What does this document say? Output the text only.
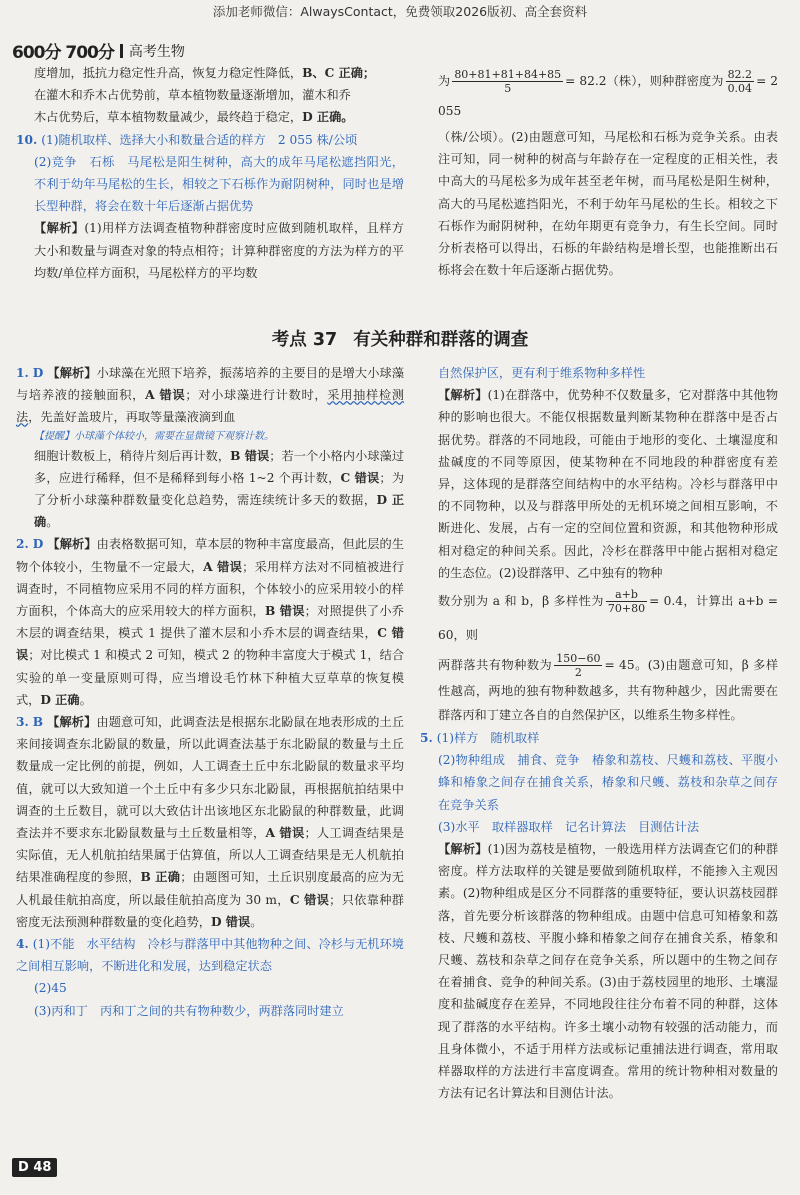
添加老师微信：AlwaysContact，免费领取2026版初、高全套资料
600分 700分 高考生物

度增加，抵抗力稳定性升高，恢复力稳定性降低，B、C 正确；

在灌木和乔木占优势前，草本植物数量逐渐增加，灌木和乔

木占优势后，草本植物数量减少，最终趋于稳定，D 正确。

10. (1)随机取样、选择大小和数量合适的样方　2 055 株/公顷

(2)竞争　石栎　马尾松是阳生树种，高大的成年马尾松遮挡阳光，不利于幼年马尾松的生长，相较之下石栎作为耐阴树种，同时也是增长型种群，将会在数十年后逐渐占据优势

【解析】(1)用样方法调查植物种群密度时应做到随机取样，且样方大小和数量与调查对象的特点相符；计算种群密度的方法为样方的平均数/单位样方面积，马尾松样方的平均数

为 $\frac{80+81+81+84+85}{5} = 82.2$（株），则种群密度为 $\frac{82.2}{0.04} = 2$ 055

（株/公顷）。(2)由题意可知，马尾松和石栎为竞争关系。由表注可知，同一树种的树高与年龄存在一定程度的正相关性，表中高大的马尾松多为成年甚至老年树，而马尾松是阳生树种，高大的马尾松遮挡阳光，不利于幼年马尾松的生长。相较之下石栎作为耐阴树种，在幼年期更有竞争力，有生长空间。同时分析表格可以得出，石栎的年龄结构是增长型，也能推断出石栎将会在数十年后逐渐占据优势。

考点 37 有关种群和群落的调查

1. D 【解析】小球藻在光照下培养，振荡培养的主要目的是增大小球藻与培养液的接触面积，A 错误；对小球藻进行计数时，采用抽样检测法，先盖好盖玻片，再取等量藻液滴到血

【提醒】小球藻个体较小，需要在显微镜下观察计数。

细胞计数板上，稍待片刻后再计数，B 错误；若一个小格内小球藻过多，应进行稀释，但不是稀释到每小格 1~2 个再计数，C 错误；为了分析小球藻种群数量变化总趋势，需连续统计多天的数据，D 正确。

2. D 【解析】由表格数据可知，草本层的物种丰富度最高，但此层的生物个体较小，生物量不一定最大，A 错误；采用样方法对不同植被进行调查时，不同植物应采用不同的样方面积，个体较小的应采用较小的样方面积，个体高大的应采用较大的样方面积，B 错误；对照提供了小乔木层的调查结果，模式 1 提供了灌木层和小乔木层的调查结果，C 错误；对比模式 1 和模式 2 可知，模式 2 的物种丰富度大于模式 1，结合实验的单一变量原则可得，应当增设毛竹林下种植大豆草草的恢复模式，D 正确。

3. B 【解析】由题意可知，此调查法是根据东北鼢鼠在地表形成的土丘来间接调查东北鼢鼠的数量，所以此调查法基于东北鼢鼠的数量与土丘数量成一定比例的前提，例如，人工调查土丘中东北鼢鼠的数量求平均值，就可以大致知道一个土丘中有多少只东北鼢鼠，再根据航拍结果中调查的土丘数目，就可以大致估计出该地区东北鼢鼠的种群数量，此调查法并不要求东北鼢鼠数量与土丘数量相等，A 错误；人工调查结果是实际值，无人机航拍结果属于估算值，所以人工调查结果是无人机航拍结果准确程度的参照，B 正确；由题图可知，土丘识别度最高的应为无人机最佳航拍高度，所以最佳航拍高度为 30 m，C 错误；只依靠种群密度无法预测种群数量的变化趋势，D 错误。

4. (1)不能　水平结构　冷杉与群落甲中其他物种之间、冷杉与无机环境之间相互影响，不断进化和发展，达到稳定状态

(2)45

(3)丙和丁　丙和丁之间的共有物种数少，两群落同时建立

自然保护区，更有利于维系物种多样性

【解析】(1)在群落中，优势种不仅数量多，它对群落中其他物种的影响也很大。不能仅根据数量判断某物种在群落中是否占据优势。群落的不同地段，可能由于地形的变化、土壤湿度和盐碱度的不同等原因，使某物种在不同地段的种群密度有差异，这体现的是群落空间结构中的水平结构。冷杉与群落甲中的不同物种，以及与群落甲所处的无机环境之间相互影响，不断进化、发展，占有一定的空间位置和资源，和其他物种形成相对稳定的种间关系。因此，冷杉在群落甲中能占据相对稳定的生态位。(2)设群落甲、乙中独有的物种

数分别为 a 和 b，β 多样性为 $\frac{a+b}{70+80} = 0.4$，计算出 a+b = 60，则

两群落共有物种数为 $\frac{150-60}{2} = 45$。(3)由题意可知，β 多样性越高，两地的独有物种数越多，共有物种越少，因此需要在群落丙和丁建立各自的自然保护区，以维系生物多样性。

5. (1)样方　随机取样

(2)物种组成　捕食、竞争　椿象和荔枝、尺蠖和荔枝、平腹小蜂和椿象之间存在捕食关系，椿象和尺蠖、荔枝和杂草之间存在竞争关系

(3)水平　取样器取样　记名计算法　目测估计法

【解析】(1)因为荔枝是植物，一般选用样方法调查它们的种群密度。样方法取样的关键是要做到随机取样，不能掺入主观因素。(2)物种组成是区分不同群落的重要特征，要认识荔枝园群落，首先要分析该群落的物种组成。由题中信息可知椿象和荔枝、尺蠖和荔枝、平腹小蜂和椿象之间存在捕食关系，椿象和尺蠖、荔枝和杂草之间存在竞争关系，所以题中的生物之间存在着捕食、竞争的种间关系。(3)由于荔枝园里的地形、土壤湿度和盐碱度存在差异，不同地段往往分布着不同的种群，这体现了群落的水平结构。许多土壤小动物有较强的活动能力，而且身体微小，不适于用样方法或标记重捕法进行调查，常用取样器取样的方法进行丰富度调查。常用的统计物种相对数量的方法有记名计算法和目测估计法。

D 48
